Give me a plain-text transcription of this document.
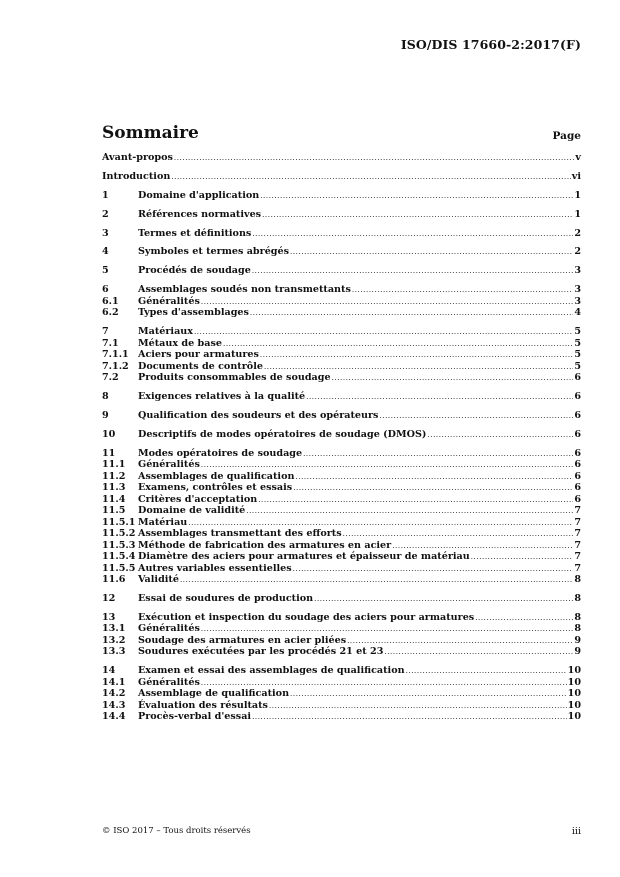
ISO/DIS 17660-2:2017(F)
Sommaire	Page
Avant-propos .....	v
Introduction .....	vi
1	Domaine d'application .....	1
2	Références normatives .....	1
3	Termes et définitions .....	2
4	Symboles et termes abrégés .....	2
5	Procédés de soudage .....	3
6	Assemblages soudés non transmettants .....	3
6.1	Généralités .....	3
6.2	Types d'assemblages .....	4
7	Matériaux .....	5
7.1	Métaux de base .....	5
7.1.1 Aciers pour armatures .....	5
7.1.2 Documents de contrôle .....	5
7.2	Produits consommables de soudage .....	6
8	Exigences relatives à la qualité .....	6
9	Qualification des soudeurs et des opérateurs .....	6
10	Descriptifs de modes opératoires de soudage (DMOS) .....	6
11	Modes opératoires de soudage .....	6
11.1	Généralités .....	6
11.2	Assemblages de qualification .....	6
11.3	Examens, contrôles et essais .....	6
11.4	Critères d'acceptation .....	6
11.5	Domaine de validité .....	7
11.5.1 Matériau .....	7
11.5.2 Assemblages transmettant des efforts .....	7
11.5.3 Méthode de fabrication des armatures en acier .....	7
11.5.4 Diamètre des aciers pour armatures et épaisseur de matériau .....	7
11.5.5 Autres variables essentielles .....	7
11.6	Validité .....	8
12	Essai de soudures de production .....	8
13	Exécution et inspection du soudage des aciers pour armatures .....	8
13.1	Généralités .....	8
13.2	Soudage des armatures en acier pliées .....	9
13.3	Soudures exécutées par les procédés 21 et 23 .....	9
14	Examen et essai des assemblages de qualification .....	10
14.1	Généralités .....	10
14.2	Assemblage de qualification .....	10
14.3	Évaluation des résultats .....	10
14.4	Procès-verbal d'essai .....	10
© ISO 2017 – Tous droits réservés	iii
